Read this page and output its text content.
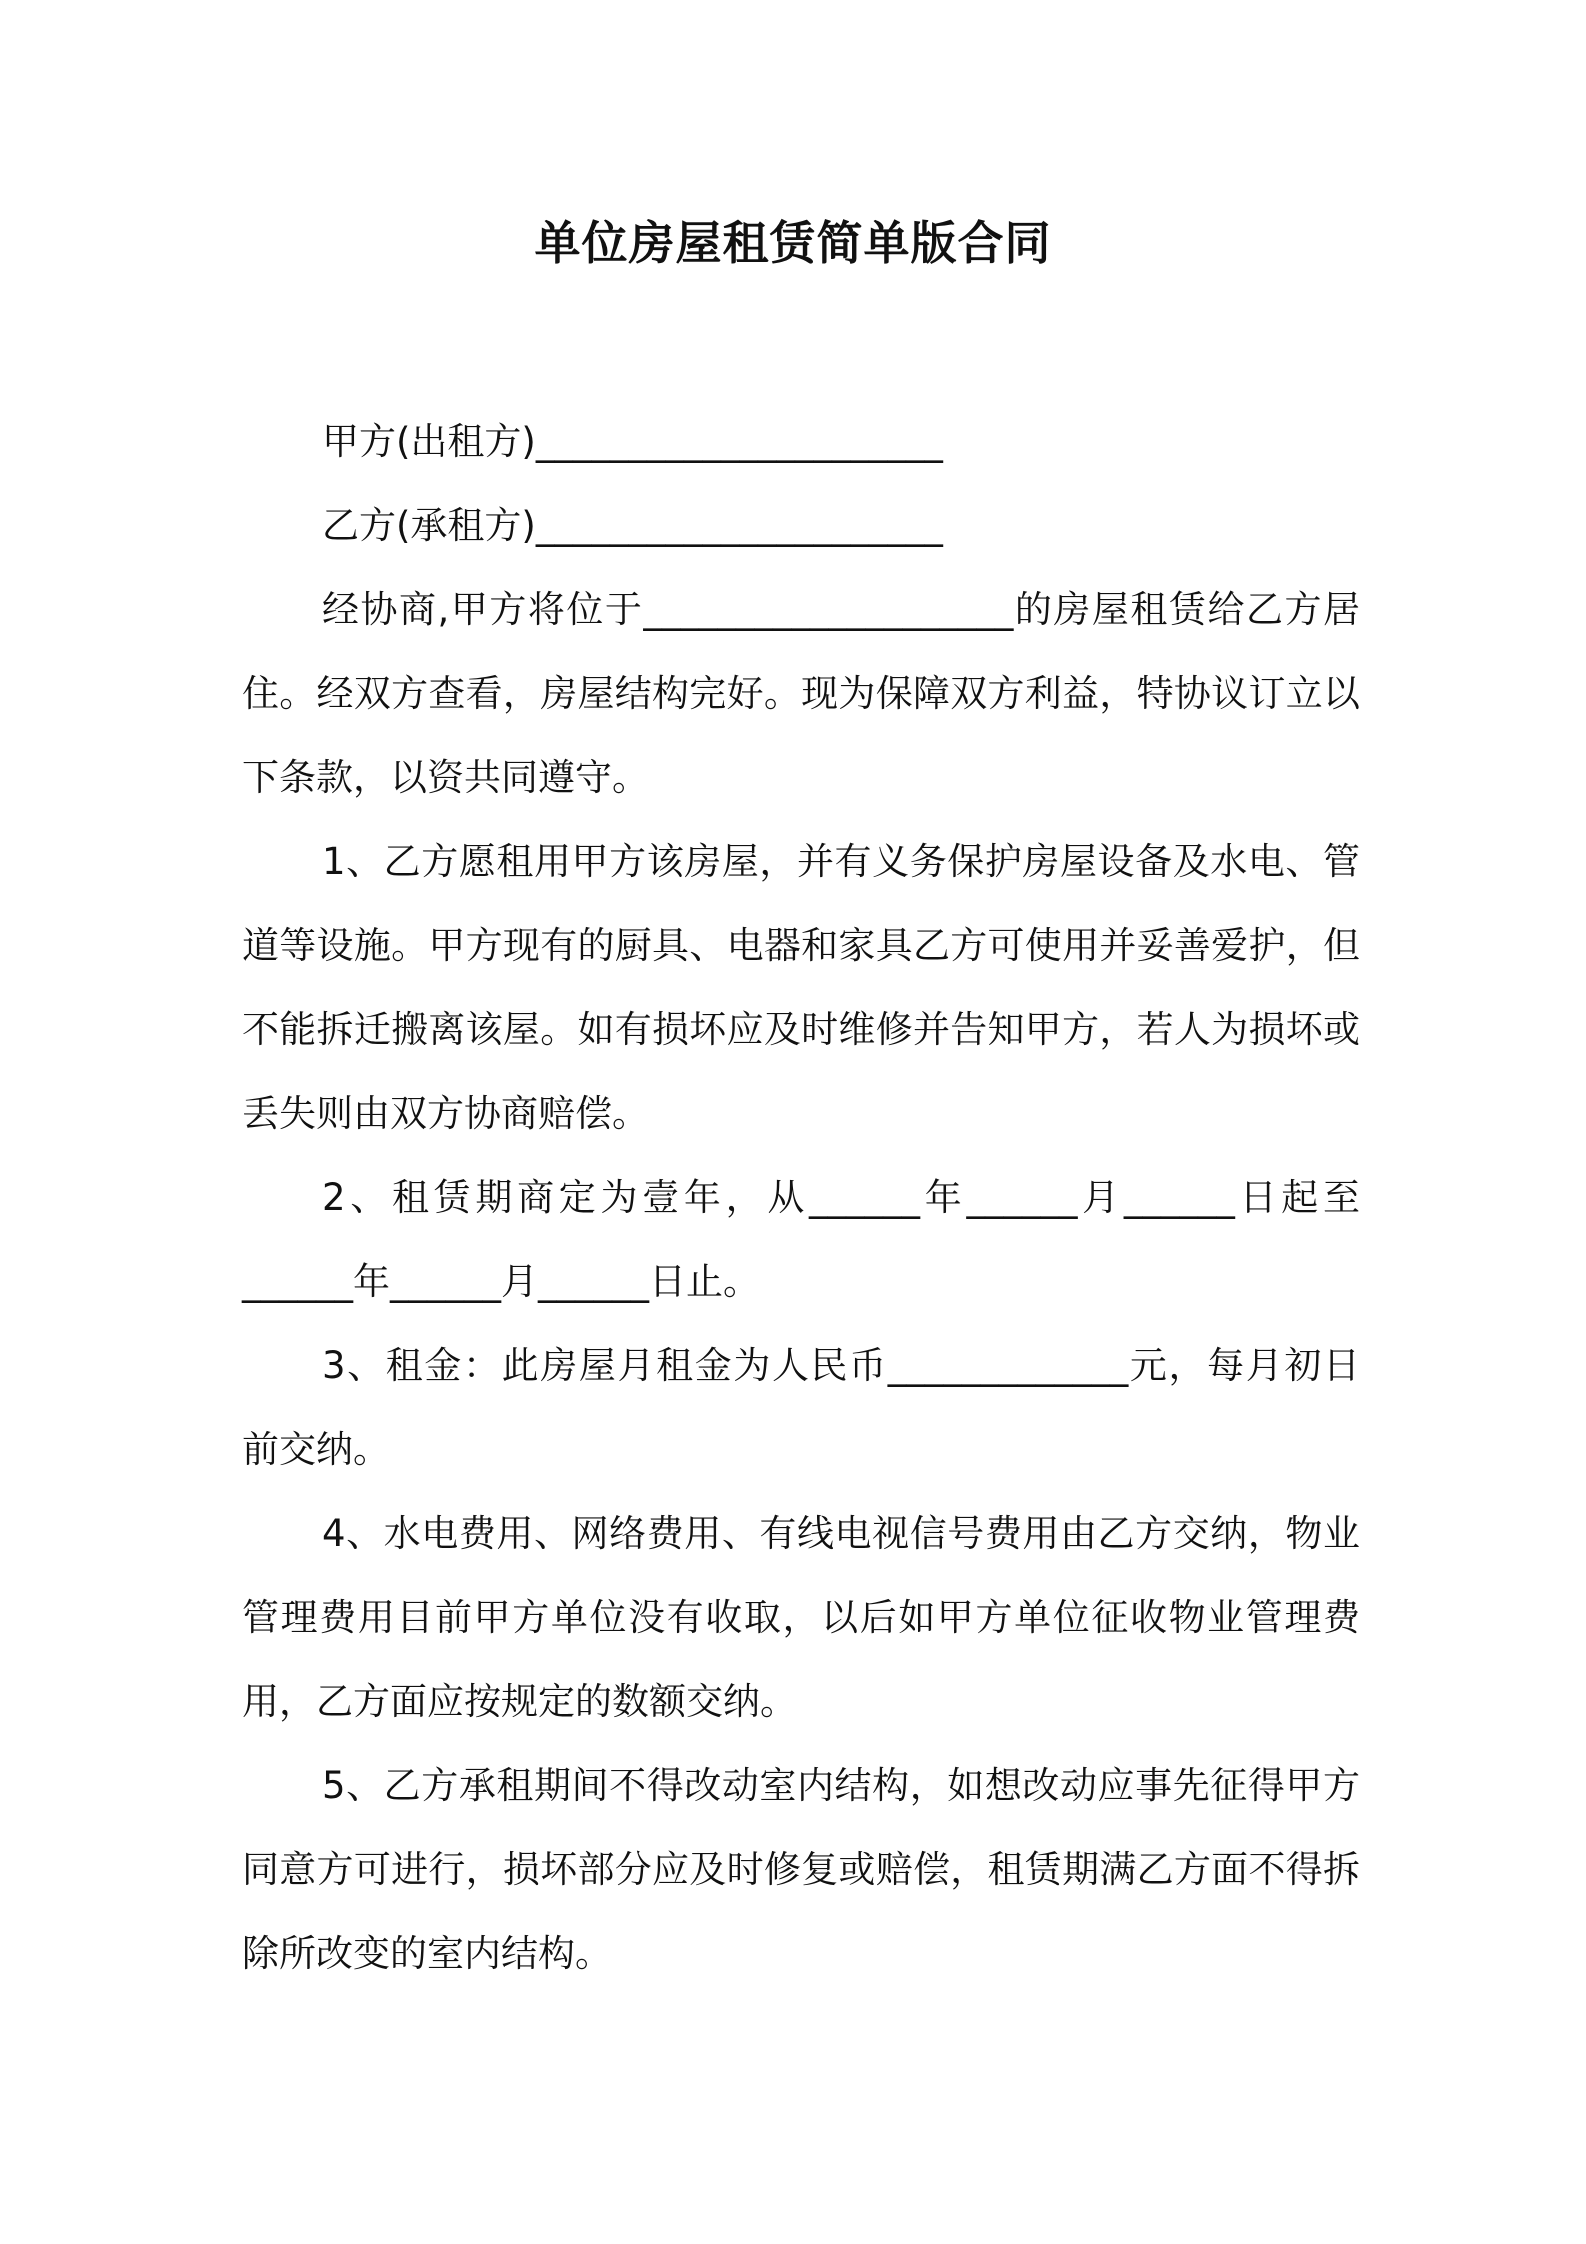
单位房屋租赁简单版合同

甲方(出租方)______________________

乙方(承租方)______________________

经协商,甲方将位于____________________的房屋租赁给乙方居住。经双方查看，房屋结构完好。现为保障双方利益，特协议订立以下条款，以资共同遵守。

1、乙方愿租用甲方该房屋，并有义务保护房屋设备及水电、管道等设施。甲方现有的厨具、电器和家具乙方可使用并妥善爱护，但不能拆迁搬离该屋。如有损坏应及时维修并告知甲方，若人为损坏或丢失则由双方协商赔偿。

2、租赁期商定为壹年，从______年______月______日起至______年______月______日止。

3、租金：此房屋月租金为人民币_____________元，每月初日前交纳。

4、水电费用、网络费用、有线电视信号费用由乙方交纳，物业管理费用目前甲方单位没有收取，以后如甲方单位征收物业管理费用，乙方面应按规定的数额交纳。

5、乙方承租期间不得改动室内结构，如想改动应事先征得甲方同意方可进行，损坏部分应及时修复或赔偿，租赁期满乙方面不得拆除所改变的室内结构。
